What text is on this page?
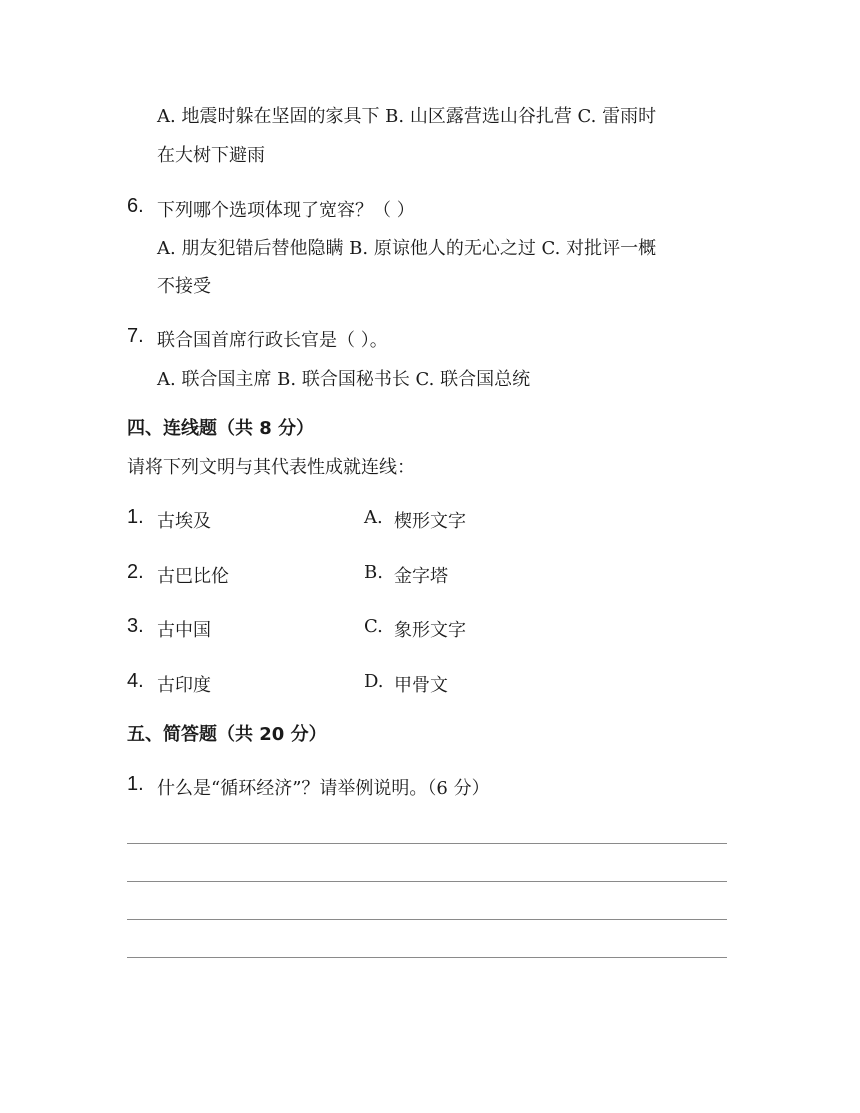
A. 地震时躲在坚固的家具下 B. 山区露营选山谷扎营 C. 雷雨时
在大树下避雨
6. 下列哪个选项体现了宽容？（ ）
A. 朋友犯错后替他隐瞒 B. 原谅他人的无心之过 C. 对批评一概
不接受
7. 联合国首席行政长官是（ ）。
A. 联合国主席 B. 联合国秘书长 C. 联合国总统
四、连线题（共 8 分）
请将下列文明与其代表性成就连线：
1. 古埃及
2. 古巴比伦
3. 古中国
4. 古印度
A. 楔形文字
B. 金字塔
C. 象形文字
D. 甲骨文
五、简答题（共 20 分）
1. 什么是“循环经济”？请举例说明。（6 分）
